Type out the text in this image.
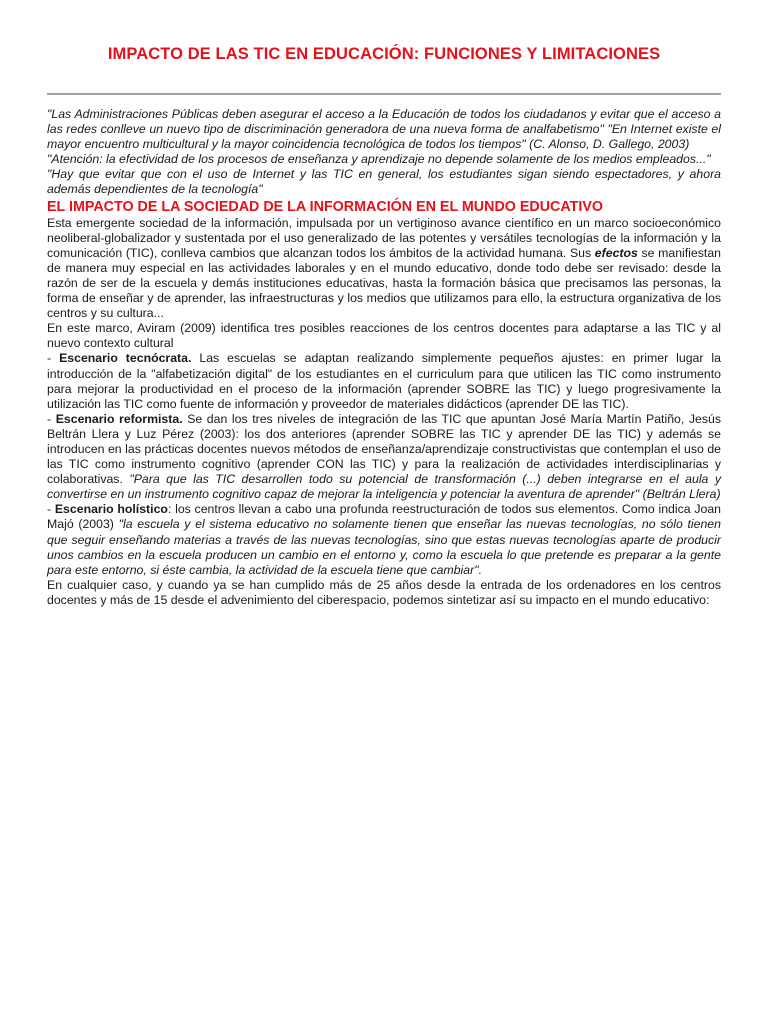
IMPACTO DE LAS TIC EN EDUCACIÓN: FUNCIONES Y LIMITACIONES

"Las Administraciones Públicas deben asegurar el acceso a la Educación de todos los ciudadanos y evitar que el acceso a las redes conlleve un nuevo tipo de discriminación generadora de una nueva forma de analfabetismo" "En Internet existe el mayor encuentro multicultural y la mayor coincidencia tecnológica de todos los tiempos" (C. Alonso, D. Gallego, 2003)

"Atención: la efectividad de los procesos de enseñanza y aprendizaje no depende solamente de los medios empleados..."

"Hay que evitar que con el uso de Internet y las TIC en general, los estudiantes sigan siendo espectadores, y ahora además dependientes de la tecnología"

EL IMPACTO DE LA SOCIEDAD DE LA INFORMACIÓN EN EL MUNDO EDUCATIVO

Esta emergente sociedad de la información, impulsada por un vertiginoso avance científico en un marco socioeconómico neoliberal-globalizador y sustentada por el uso generalizado de las potentes y versátiles tecnologías de la información y la comunicación (TIC), conlleva cambios que alcanzan todos los ámbitos de la actividad humana. Sus efectos se manifiestan de manera muy especial en las actividades laborales y en el mundo educativo, donde todo debe ser revisado: desde la razón de ser de la escuela y demás instituciones educativas, hasta la formación básica que precisamos las personas, la forma de enseñar y de aprender, las infraestructuras y los medios que utilizamos para ello, la estructura organizativa de los centros y su cultura...

En este marco, Aviram (2009) identifica tres posibles reacciones de los centros docentes para adaptarse a las TIC y al nuevo contexto cultural

- Escenario tecnócrata. Las escuelas se adaptan realizando simplemente pequeños ajustes: en primer lugar la introducción de la "alfabetización digital" de los estudiantes en el curriculum para que utilicen las TIC como instrumento para mejorar la productividad en el proceso de la información (aprender SOBRE las TIC) y luego progresivamente la utilización las TIC como fuente de información y proveedor de materiales didácticos (aprender DE las TIC).

- Escenario reformista. Se dan los tres niveles de integración de las TIC que apuntan José María Martín Patiño, Jesús Beltrán Llera y Luz Pérez (2003): los dos anteriores (aprender SOBRE las TIC y aprender DE las TIC) y además se introducen en las prácticas docentes nuevos métodos de enseñanza/aprendizaje constructivistas que contemplan el uso de las TIC como instrumento cognitivo (aprender CON las TIC) y para la realización de actividades interdisciplinarias y colaborativas. "Para que las TIC desarrollen todo su potencial de transformación (...) deben integrarse en el aula y convertirse en un instrumento cognitivo capaz de mejorar la inteligencia y potenciar la aventura de aprender" (Beltrán Llera)

- Escenario holístico: los centros llevan a cabo una profunda reestructuración de todos sus elementos. Como indica Joan Majó (2003) "la escuela y el sistema educativo no solamente tienen que enseñar las nuevas tecnologías, no sólo tienen que seguir enseñando materias a través de las nuevas tecnologías, sino que estas nuevas tecnologías aparte de producir unos cambios en la escuela producen un cambio en el entorno y, como la escuela lo que pretende es preparar a la gente para este entorno, si éste cambia, la actividad de la escuela tiene que cambiar".

En cualquier caso, y cuando ya se han cumplido más de 25 años desde la entrada de los ordenadores en los centros docentes y más de 15 desde el advenimiento del ciberespacio, podemos sintetizar así su impacto en el mundo educativo:
